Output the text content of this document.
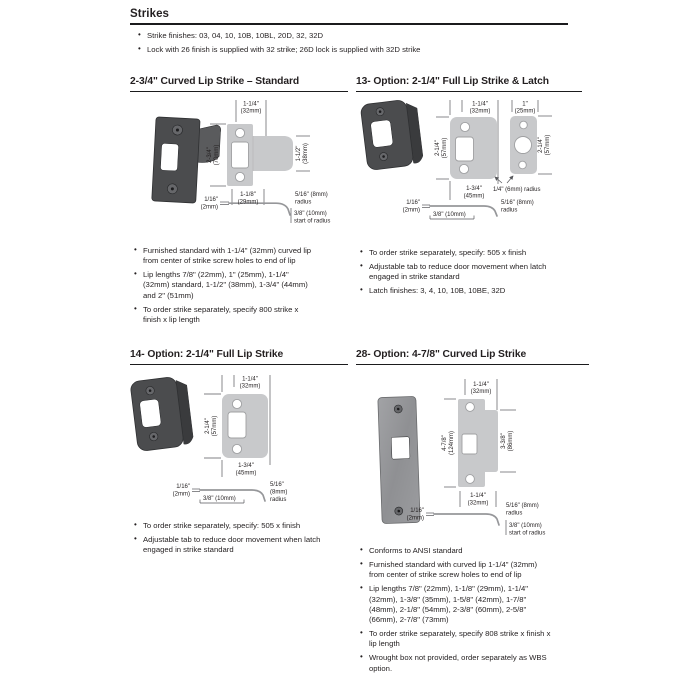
Strikes
• Strike finishes: 03, 04, 10, 10B, 10BL, 20D, 32, 32D
• Lock with 26 finish is supplied with 32 strike; 26D lock is supplied with 32D strike
2-3/4" Curved Lip Strike – Standard
1-1/4"
(32mm)
2-3/4" (70mm)	1-1/2" (38mm)
1-1/8"
(29mm)
1/16"
(2mm)
5/16" (8mm)
radius
3/8" (10mm)
start of radius
• Furnished standard with 1-1/4" (32mm) curved lip from center of strike screw holes to end of lip
• Lip lengths 7/8" (22mm), 1" (25mm), 1-1/4" (32mm) standard, 1-1/2" (38mm), 1-3/4" (44mm) and 2" (51mm)
• To order strike separately, specify 800 strike x finish x lip length
13- Option: 2-1/4" Full Lip Strike & Latch
1-1/4"
(32mm)
1"
(25mm)
2-1/4" (57mm)	2-1/4" (57mm)
1-3/4"
(45mm)
1/4" (6mm) radius
1/16"
(2mm)
3/8" (10mm)
5/16" (8mm)
radius
• To order strike separately, specify: 505 x finish
• Adjustable tab to reduce door movement when latch engaged in strike standard
• Latch finishes: 3, 4, 10, 10B, 10BE, 32D
14- Option: 2-1/4" Full Lip Strike
1-1/4"
(32mm)
2-1/4" (57mm)
1-3/4"
(45mm)
1/16"
(2mm)
3/8" (10mm)
5/16"
(8mm)
radius
• To order strike separately, specify: 505 x finish
• Adjustable tab to reduce door movement when latch engaged in strike standard
28- Option: 4-7/8" Curved Lip Strike
1-1/4"
(32mm)
4-7/8" (124mm)	3-3/8" (86mm)
1-1/4"
(32mm)
1/16"
(2mm)
5/16" (8mm)
radius
3/8" (10mm)
start of radius
• Conforms to ANSI standard
• Furnished standard with curved lip 1-1/4" (32mm) from center of strike screw holes to end of lip
• Lip lengths 7/8" (22mm), 1-1/8" (29mm), 1-1/4" (32mm), 1-3/8" (35mm), 1-5/8" (42mm), 1-7/8" (48mm), 2-1/8" (54mm), 2-3/8" (60mm), 2-5/8" (66mm), 2-7/8" (73mm)
• To order strike separately, specify 808 strike x finish x lip length
• Wrought box not provided, order separately as WBS option.
